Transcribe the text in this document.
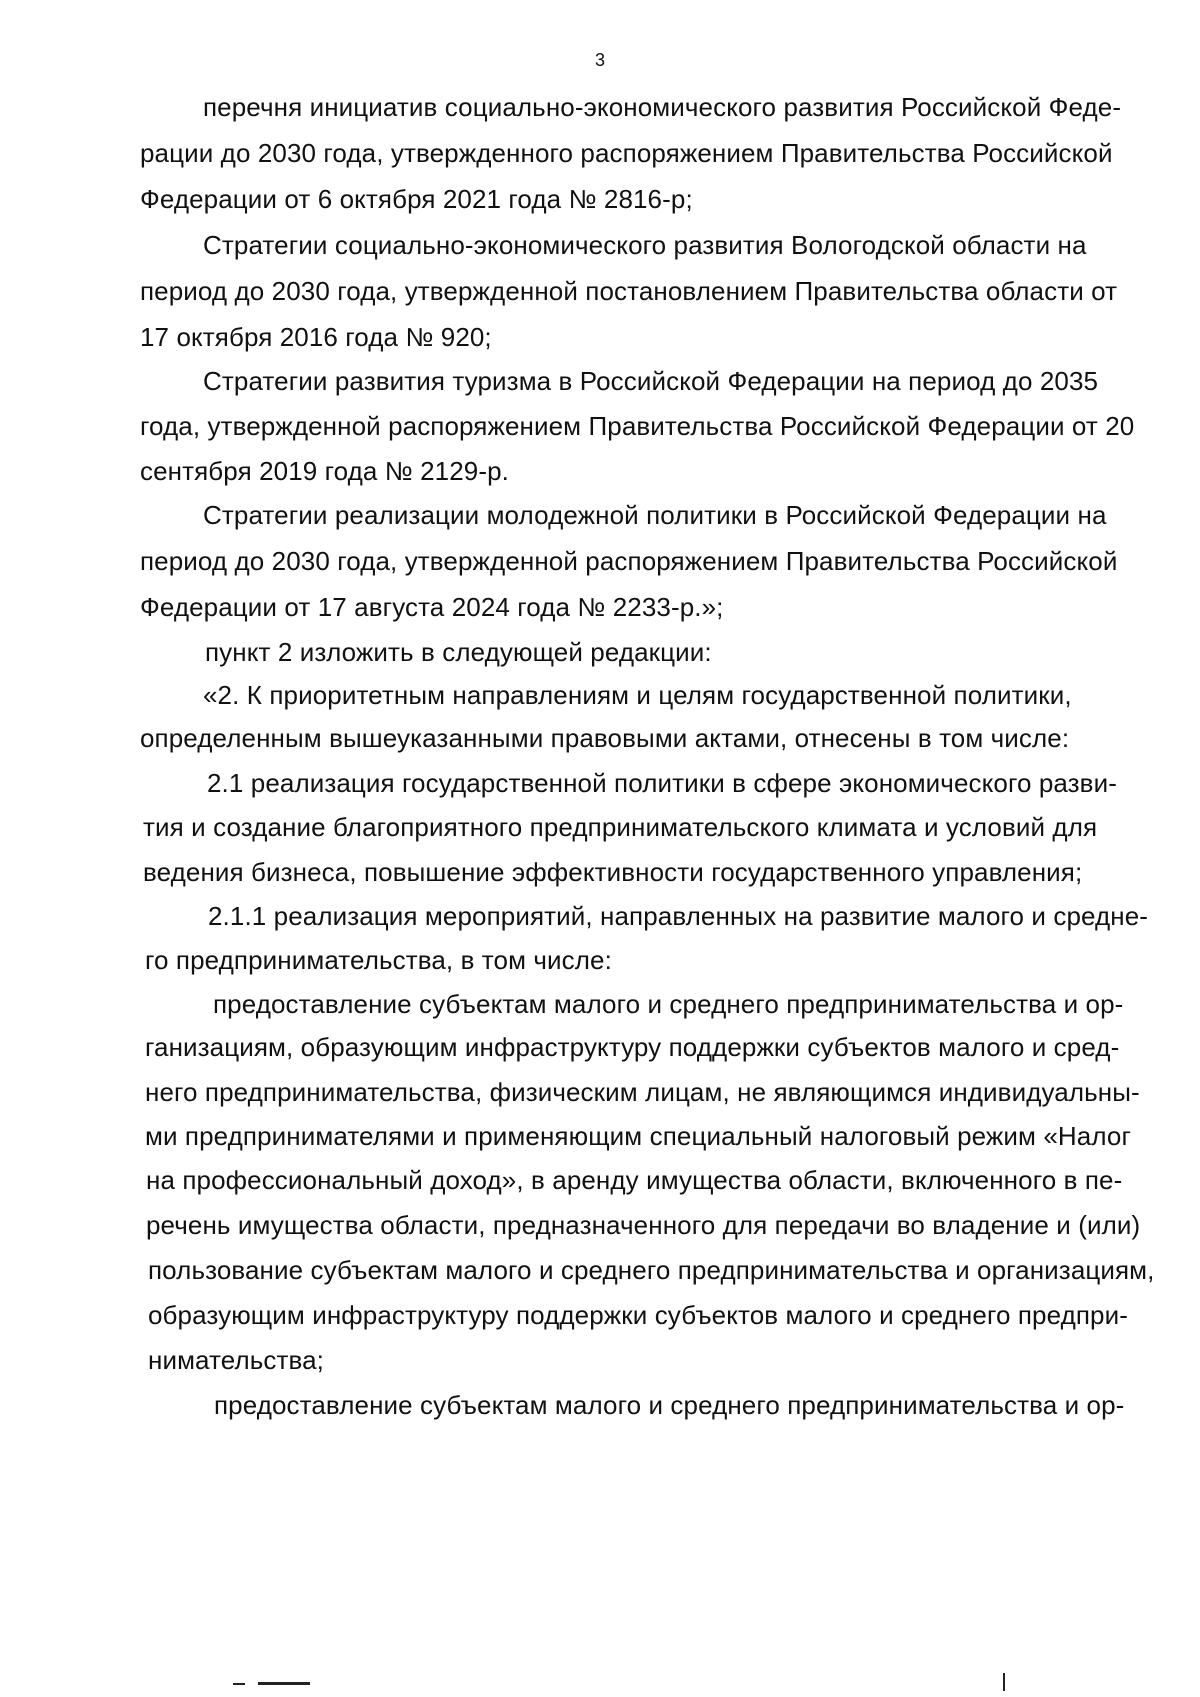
3
перечня инициатив социально-экономического развития Российской Феде-
рации до 2030 года, утвержденного распоряжением Правительства Российской
Федерации от 6 октября 2021 года № 2816-р;
Стратегии социально-экономического развития Вологодской области на
период до 2030 года, утвержденной постановлением Правительства области от
17 октября 2016 года № 920;
Стратегии развития туризма в Российской Федерации на период до 2035
года, утвержденной распоряжением Правительства Российской Федерации от 20
сентября 2019 года № 2129-р.
Стратегии реализации молодежной политики в Российской Федерации на
период до 2030 года, утвержденной распоряжением Правительства Российской
Федерации от 17 августа 2024 года № 2233-р.»;
пункт 2 изложить в следующей редакции:
«2. К приоритетным направлениям и целям государственной политики,
определенным вышеуказанными правовыми актами, отнесены в том числе:
2.1 реализация государственной политики в сфере экономического разви-
тия и создание благоприятного предпринимательского климата и условий для
ведения бизнеса, повышение эффективности государственного управления;
2.1.1 реализация мероприятий, направленных на развитие малого и средне-
го предпринимательства, в том числе:
предоставление субъектам малого и среднего предпринимательства и ор-
ганизациям, образующим инфраструктуру поддержки субъектов малого и сред-
него предпринимательства, физическим лицам, не являющимся индивидуальны-
ми предпринимателями и применяющим специальный налоговый режим «Налог
на профессиональный доход», в аренду имущества области, включенного в пе-
речень имущества области, предназначенного для передачи во владение и (или)
пользование субъектам малого и среднего предпринимательства и организациям,
образующим инфраструктуру поддержки субъектов малого и среднего предпри-
нимательства;
предоставление субъектам малого и среднего предпринимательства и ор-
